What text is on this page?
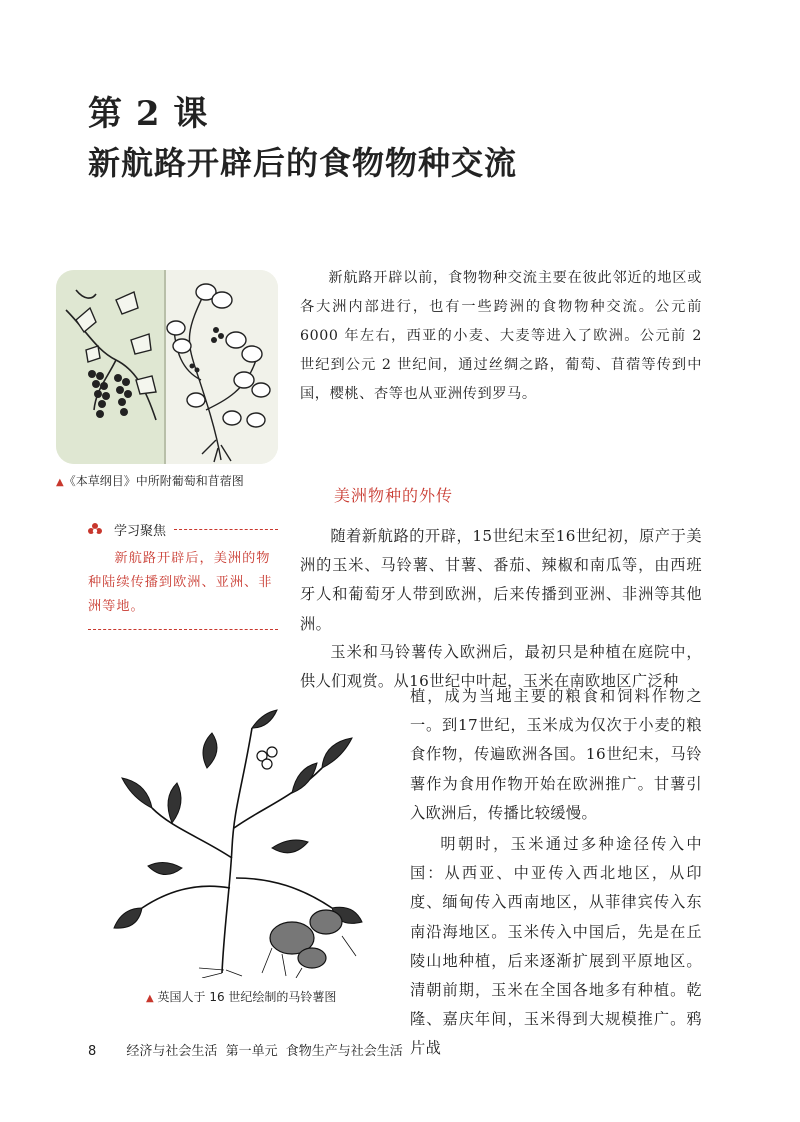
第 2 课
新航路开辟后的食物物种交流
▲《本草纲目》中所附葡萄和苜蓿图

新航路开辟以前，食物物种交流主要在彼此邻近的地区或各大洲内部进行，也有一些跨洲的食物物种交流。公元前 6000 年左右，西亚的小麦、大麦等进入了欧洲。公元前 2 世纪到公元 2 世纪间，通过丝绸之路，葡萄、苜蓿等传到中国，樱桃、杏等也从亚洲传到罗马。

美洲物种的外传
学习聚焦
新航路开辟后，美洲的物种陆续传播到欧洲、亚洲、非洲等地。

随着新航路的开辟，15世纪末至16世纪初，原产于美洲的玉米、马铃薯、甘薯、番茄、辣椒和南瓜等，由西班牙人和葡萄牙人带到欧洲，后来传播到亚洲、非洲等其他洲。

玉米和马铃薯传入欧洲后，最初只是种植在庭院中，供人们观赏。从16世纪中叶起，玉米在南欧地区广泛种

植，成为当地主要的粮食和饲料作物之一。到17世纪，玉米成为仅次于小麦的粮食作物，传遍欧洲各国。16世纪末，马铃薯作为食用作物开始在欧洲推广。甘薯引入欧洲后，传播比较缓慢。

明朝时，玉米通过多种途径传入中国：从西亚、中亚传入西北地区，从印度、缅甸传入西南地区，从菲律宾传入东南沿海地区。玉米传入中国后，先是在丘陵山地种植，后来逐渐扩展到平原地区。清朝前期，玉米在全国各地多有种植。乾隆、嘉庆年间，玉米得到大规模推广。鸦片战

▲ 英国人于 16 世纪绘制的马铃薯图
8 经济与社会生活 第一单元 食物生产与社会生活
